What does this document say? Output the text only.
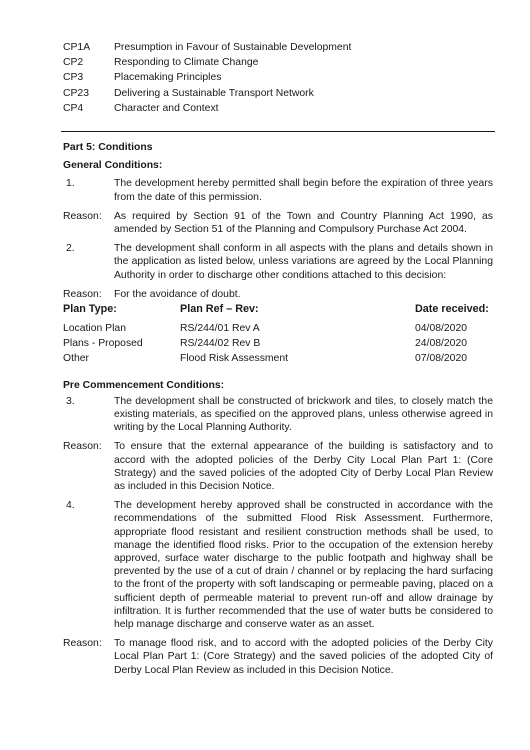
CP1A	Presumption in Favour of Sustainable Development
CP2	Responding to Climate Change
CP3	Placemaking Principles
CP23	Delivering a Sustainable Transport Network
CP4	Character and Context
Part 5: Conditions
General Conditions:
1.	The development hereby permitted shall begin before the expiration of three years from the date of this permission.
Reason:	As required by Section 91 of the Town and Country Planning Act 1990, as amended by Section 51 of the Planning and Compulsory Purchase Act 2004.
2.	The development shall conform in all aspects with the plans and details shown in the application as listed below, unless variations are agreed by the Local Planning Authority in order to discharge other conditions attached to this decision:
Reason:	For the avoidance of doubt.
Plan Type:	Plan Ref – Rev:	Date received:
Location Plan	RS/244/01 Rev A	04/08/2020
Plans - Proposed	RS/244/02 Rev B	24/08/2020
Other	Flood Risk Assessment	07/08/2020
Pre Commencement Conditions:
3.	The development shall be constructed of brickwork and tiles, to closely match the existing materials, as specified on the approved plans, unless otherwise agreed in writing by the Local Planning Authority.
Reason:	To ensure that the external appearance of the building is satisfactory and to accord with the adopted policies of the Derby City Local Plan Part 1: (Core Strategy) and the saved policies of the adopted City of Derby Local Plan Review as included in this Decision Notice.
4.	The development hereby approved shall be constructed in accordance with the recommendations of the submitted Flood Risk Assessment. Furthermore, appropriate flood resistant and resilient construction methods shall be used, to manage the identified flood risks. Prior to the occupation of the extension hereby approved, surface water discharge to the public footpath and highway shall be prevented by the use of a cut of drain / channel or by replacing the hard surfacing to the front of the property with soft landscaping or permeable paving, placed on a sufficient depth of permeable material to prevent run-off and allow drainage by infiltration. It is further recommended that the use of water butts be considered to help manage discharge and conserve water as an asset.
Reason:	To manage flood risk, and to accord with the adopted policies of the Derby City Local Plan Part 1: (Core Strategy) and the saved policies of the adopted City of Derby Local Plan Review as included in this Decision Notice.
